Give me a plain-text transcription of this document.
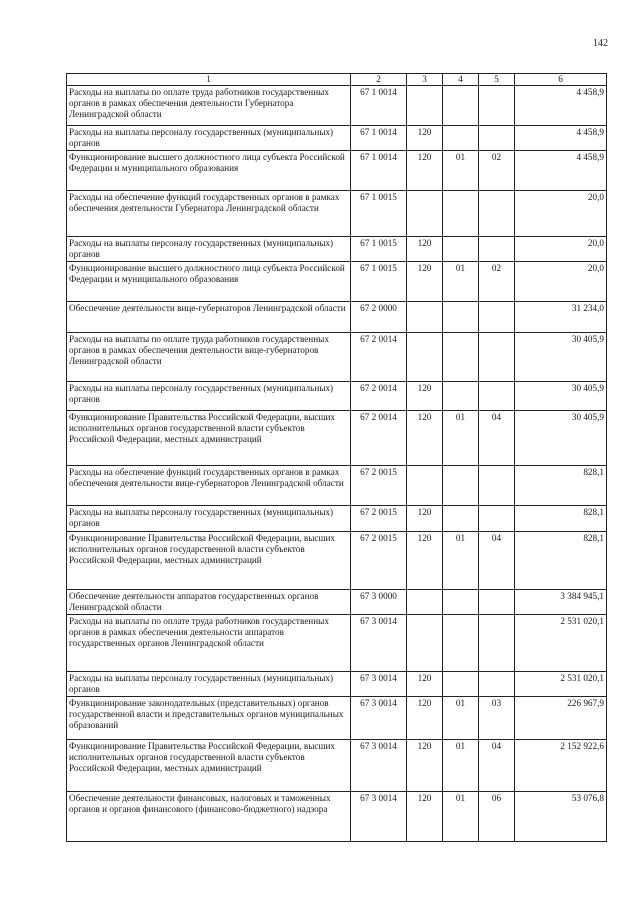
142
1	2	3	4	5	6
Расходы на выплаты по оплате труда работников государственных органов в рамках обеспечения деятельности Губернатора Ленинградской области	67 1 0014				4 458,9
Расходы на выплаты персоналу государственных (муниципальных) органов	67 1 0014	120			4 458,9
Функционирование высшего должностного лица субъекта Российской Федерации и муниципального образования	67 1 0014	120	01	02	4 458,9
Расходы на обеспечение функций государственных органов в рамках обеспечения деятельности Губернатора Ленинградской области	67 1 0015				20,0
Расходы на выплаты персоналу государственных (муниципальных) органов	67 1 0015	120			20,0
Функционирование высшего должностного лица субъекта Российской Федерации и муниципального образования	67 1 0015	120	01	02	20,0
Обеспечение деятельности вице-губернаторов Ленинградской области	67 2 0000				31 234,0
Расходы на выплаты по оплате труда работников государственных органов в рамках обеспечения деятельности вице-губернаторов Ленинградской области	67 2 0014				30 405,9
Расходы на выплаты персоналу государственных (муниципальных) органов	67 2 0014	120			30 405,9
Функционирование Правительства Российской Федерации, высших исполнительных органов государственной власти субъектов Российской Федерации, местных администраций	67 2 0014	120	01	04	30 405,9
Расходы на обеспечение функций государственных органов в рамках обеспечения деятельности вице-губернаторов Ленинградской области	67 2 0015				828,1
Расходы на выплаты персоналу государственных (муниципальных) органов	67 2 0015	120			828,1
Функционирование Правительства Российской Федерации, высших исполнительных органов государственной власти субъектов Российской Федерации, местных администраций	67 2 0015	120	01	04	828,1
Обеспечение деятельности аппаратов государственных органов Ленинградской области	67 3 0000				3 384 945,1
Расходы на выплаты по оплате труда работников государственных органов в рамках обеспечения деятельности аппаратов государственных органов Ленинградской области	67 3 0014				2 531 020,1
Расходы на выплаты персоналу государственных (муниципальных) органов	67 3 0014	120			2 531 020,1
Функционирование законодательных (представительных) органов государственной власти и представительных органов муниципальных образований	67 3 0014	120	01	03	226 967,9
Функционирование Правительства Российской Федерации, высших исполнительных органов государственной власти субъектов Российской Федерации, местных администраций	67 3 0014	120	01	04	2 152 922,6
Обеспечение деятельности финансовых, налоговых и таможенных органов и органов финансового (финансово-бюджетного) надзора	67 3 0014	120	01	06	53 076,8
